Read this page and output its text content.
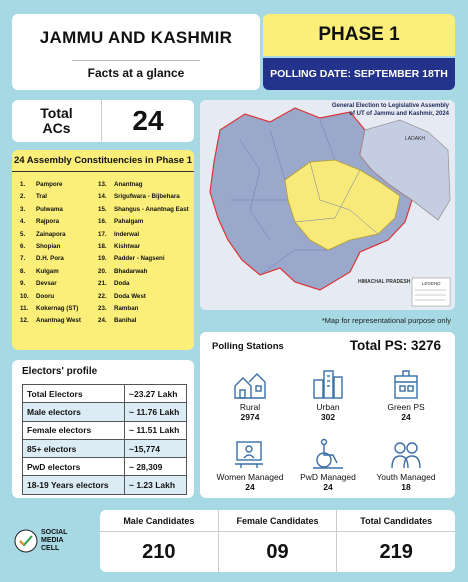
JAMMU AND KASHMIR
Facts at a glance
PHASE 1
POLLING DATE: SEPTEMBER 18TH
Total
ACs	24
24 Assembly Constituencies in Phase 1
1.	Pampore
2.	Tral
3.	Pulwama
4.	Rajpora
5.	Zainapora
6.	Shopian
7.	D.H. Pora
8.	Kulgam
9.	Devsar
10.	Dooru
11.	Kokernag (ST)
12.	Anantnag West
13.	Anantnag
14.	Srigufwara - Bijbehara
15.	Shangus - Anantnag East
16.	Pahalgam
17.	Inderwal
18.	Kishtwar
19.	Padder - Nagseni
20.	Bhadarwah
21.	Doda
22.	Doda West
23.	Ramban
24.	Banihal
LADAKH
HIMACHAL PRADESH	LEGEND
General Election to Legislative Assembly of UT of Jammu and Kashmir, 2024
*Map for representational purpose only
Electors' profile
Total Electors	~23.27 Lakh
Male electors	~ 11.76 Lakh
Female electors	~ 11.51 Lakh
85+ electors	~15,774
PwD electors	~ 28,309
18-19 Years electors	~ 1.23 Lakh
Polling Stations	Total PS: 3276
Rural
2974
Urban
302
Green PS
24
Women Managed
24
PwD Managed
24
Youth Managed
18
SOCIAL
MEDIA
CELL
Male Candidates
210
Female Candidates
09
Total Candidates
219
